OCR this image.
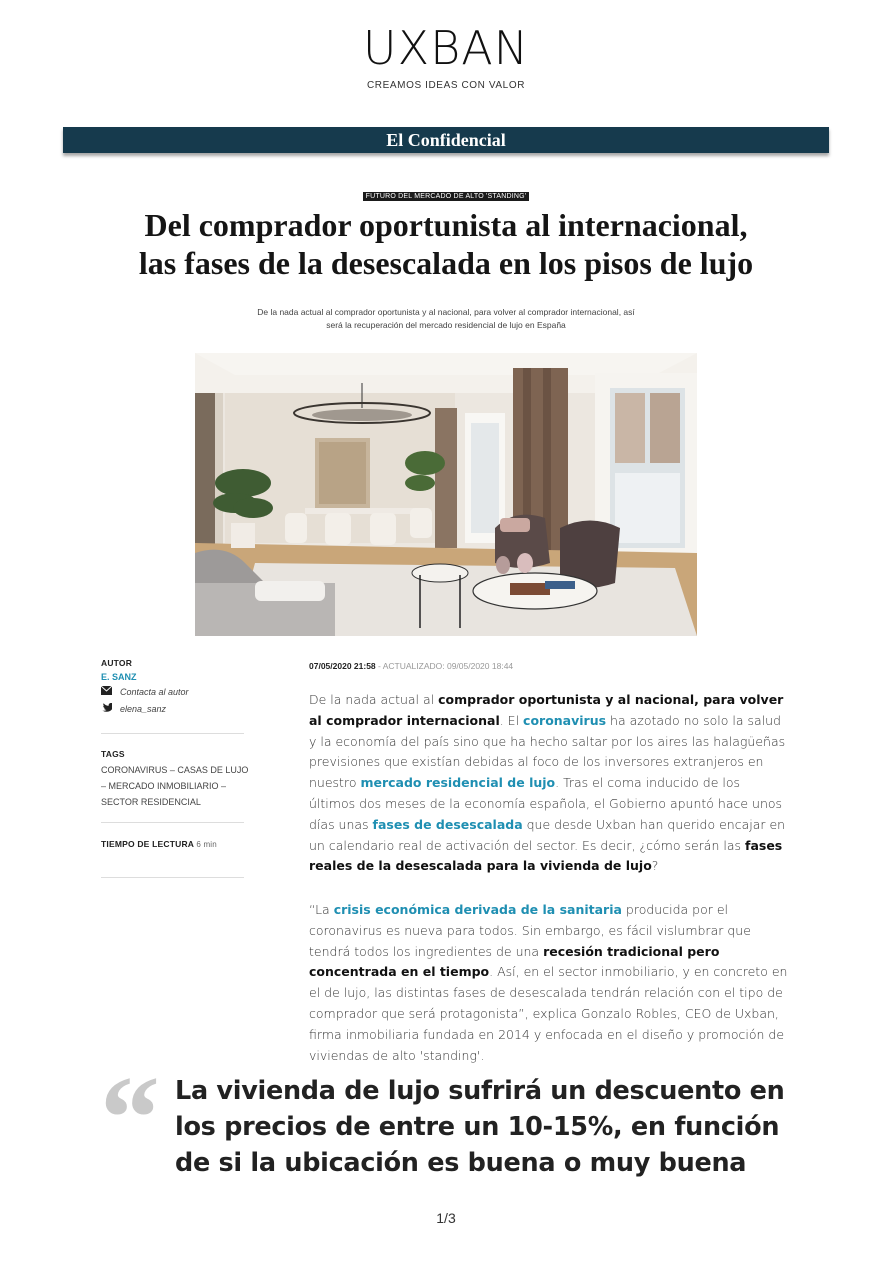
UXBAN
CREAMOS IDEAS CON VALOR
El Confidencial
FUTURO DEL MERCADO DE ALTO 'STANDING'
Del comprador oportunista al internacional,
las fases de la desescalada en los pisos de lujo
De la nada actual al comprador oportunista y al nacional, para volver al comprador internacional, así
será la recuperación del mercado residencial de lujo en España
AUTOR
E. SANZ
Contacta al autor
elena_sanz
TAGS
CORONAVIRUS – CASAS DE LUJO – MERCADO INMOBILIARIO – SECTOR RESIDENCIAL
TIEMPO DE LECTURA 6 min
07/05/2020 21:58 - ACTUALIZADO: 09/05/2020 18:44
De la nada actual al comprador oportunista y al nacional, para volver al comprador internacional. El coronavirus ha azotado no solo la salud y la economía del país sino que ha hecho saltar por los aires las halagüeñas previsiones que existían debidas al foco de los inversores extranjeros en nuestro mercado residencial de lujo. Tras el coma inducido de los últimos dos meses de la economía española, el Gobierno apuntó hace unos días unas fases de desescalada que desde Uxban han querido encajar en un calendario real de activación del sector. Es decir, ¿cómo serán las fases reales de la desescalada para la vivienda de lujo?
“La crisis económica derivada de la sanitaria producida por el coronavirus es nueva para todos. Sin embargo, es fácil vislumbrar que tendrá todos los ingredientes de una recesión tradicional pero concentrada en el tiempo. Así, en el sector inmobiliario, y en concreto en el de lujo, las distintas fases de desescalada tendrán relación con el tipo de comprador que será protagonista”, explica Gonzalo Robles, CEO de Uxban, firma inmobiliaria fundada en 2014 y enfocada en el diseño y promoción de viviendas de alto 'standing'.
“ La vivienda de lujo sufrirá un descuento en los precios de entre un 10-15%, en función de si la ubicación es buena o muy buena
1/3
